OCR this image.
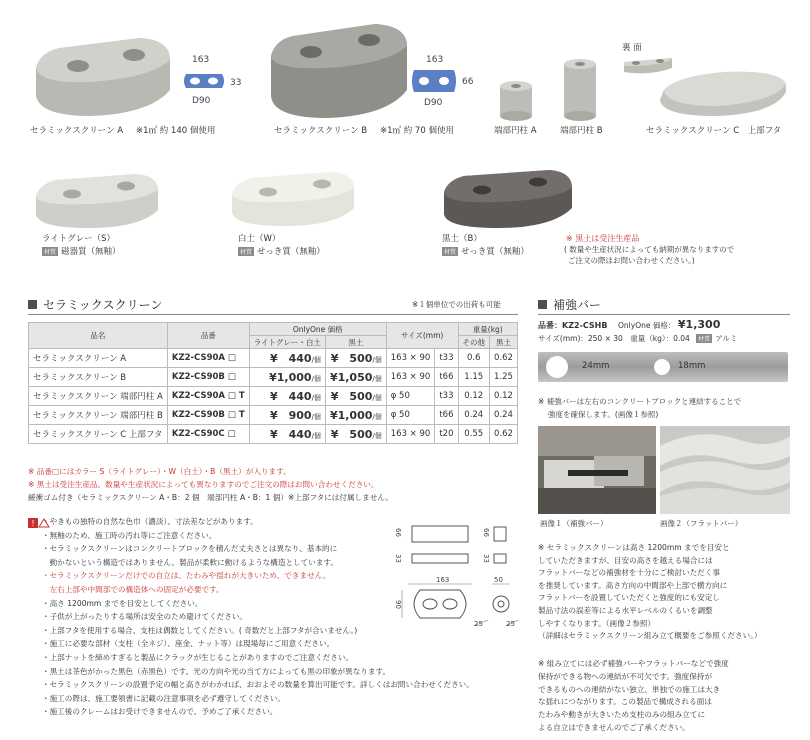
セラミックスクリーン A ※1㎡ 約 140 個使用
163
33
D90
セラミックスクリーン B ※1㎡ 約 70 個使用
163
66
D90
端部円柱 A	端部円柱 B
裏 面
セラミックスクリーン C　上部フタ
ライトグレー（S）
材質 磁器質（無釉）
白土（W）
材質 せっき質（無釉）
黒土（B）
材質 せっき質（無釉）
※ 黒土は受注生産品
( 数量や生産状況によっても納期が異なりますので
ご注文の際はお問い合わせください。)
セラミックスクリーン	※１個単位での出荷も可能
品名	品番	OnlyOne 価格		サイズ(mm)		重量(kg)	
		ライトグレー・白土	黒土			その他	黒土
セラミックスクリーン A	KZ2-CS90A □	¥　440/個	¥　500/個	163 × 90	t33	0.6	0.62
セラミックスクリーン B	KZ2-CS90B □	¥1,000/個	¥1,050/個	163 × 90	t66	1.15	1.25
セラミックスクリーン 端部円柱 A	KZ2-CS90A □ T	¥　440/個	¥　500/個	φ 50	t33	0.12	0.12
セラミックスクリーン 端部円柱 B	KZ2-CS90B □ T	¥　900/個	¥1,000/個	φ 50	t66	0.24	0.24
セラミックスクリーン C 上部フタ	KZ2-CS90C □	¥　440/個	¥　500/個	163 × 90	t20	0.55	0.62
※ 品番□にはカラー S（ライトグレー）・W（白土）・B（黒土）が入ります。
※ 黒土は受注生産品。数量や生産状況によっても異なりますのでご注文の際はお問い合わせください。
緩衝ゴム付き（セラミックスクリーン A・B：2 個　端部円柱 A・B：1 個）※上部フタには付属しません。
! ・やきもの独特の自然な色巾（濃淡）、寸法差などがあります。
・無釉のため、施工時の汚れ等にご注意ください。
・セラミックスクリーンはコンクリートブロックを積んだ丈夫さとは異なり、基本的に
　動かないという構造ではありません。製品が柔軟に動けるような構造としています。
・セラミックスクリーンだけでの自立は、たわみや揺れが大きいため、できません。
　左右上部や中間部での構造体への固定が必要です。
・高さ 1200mm までを目安としてください。
・子供が上がったりする場所は安全のため避けてください。
・上部フタを使用する場合、支柱は偶数としてください。( 奇数だと上部フタが合いません。)
・施工に必要な部材（支柱（全ネジ）、座金、ナット等）は現場毎にご用意ください。
・上部ナットを締めすぎると製品にクラックが生じることがありますのでご注意ください。
・黒土は茶色がかった黒色（赤黒色）です。光の方向や光の当て方によっても黒の印象が異なります。
・セラミックスクリーンの設置予定の幅と高さがわかれば、おおよその数量を算出可能です。詳しくはお問い合わせください。
・施工の際は、施工要領書に記載の注意事項を必ず遵守してください。
・施工後のクレームはお受けできませんので、予めご了承ください。
66	66
33	33
163	50
90
25	25
補強バー
品番：KZ2-CSHB OnlyOne 価格： ¥1,300
サイズ(mm)：250 × 30　重量（kg）：0.04 材質 アルミ
24mm	18mm
※ 補強バーは左右のコンクリートブロックと連結することで
強度を確保します。(画像１参照)
画像１（補強バー）	画像２（フラットバー）
※ セラミックスクリーンは高さ 1200mm までを目安と
していただきますが、目安の高さを越える場合には
フラットバーなどの補強材を十分にご検討いただく事
を推奨しています。高さ方向の中間部や上部で横方向に
フラットバーを設置していただくと強度的にも安定し
製品寸法の誤差等による水平レベルのくるいを調整
しやすくなります。（画像２参照）
（詳細はセラミックスクリーン組み立て概要をご参照ください。）
※ 組み立てには必ず補強バーやフラットバーなどで強度
保持ができる物への連結が不可欠です。強度保持が
できるものへの連結がない独立、単独での施工は大き
な揺れにつながります。この製品で構成される面は
たわみや動きが大きいため支柱のみの組み立てに
よる自立はできませんのでご了承ください。
